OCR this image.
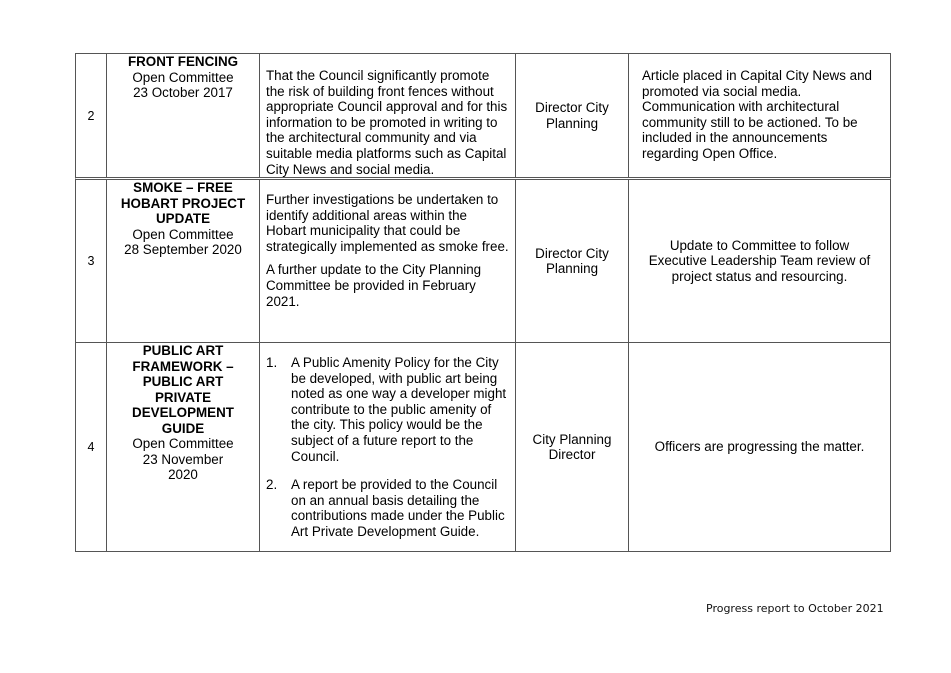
2
FRONT FENCING
Open Committee
23 October 2017
That the Council significantly promote the risk of building front fences without appropriate Council approval and for this information to be promoted in writing to the architectural community and via suitable media platforms such as Capital City News and social media.
Director City Planning
Article placed in Capital City News and promoted via social media. Communication with architectural community still to be actioned. To be included in the announcements regarding Open Office.
3
SMOKE – FREE HOBART PROJECT UPDATE
Open Committee
28 September 2020
Further investigations be undertaken to identify additional areas within the Hobart municipality that could be strategically implemented as smoke free.
A further update to the City Planning Committee be provided in February 2021.
Director City Planning
Update to Committee to follow Executive Leadership Team review of project status and resourcing.
4
PUBLIC ART FRAMEWORK – PUBLIC ART PRIVATE DEVELOPMENT GUIDE
Open Committee
23 November 2020
1. A Public Amenity Policy for the City be developed, with public art being noted as one way a developer might contribute to the public amenity of the city. This policy would be the subject of a future report to the Council.
2. A report be provided to the Council on an annual basis detailing the contributions made under the Public Art Private Development Guide.
City Planning Director
Officers are progressing the matter.
Progress report to October 2021
